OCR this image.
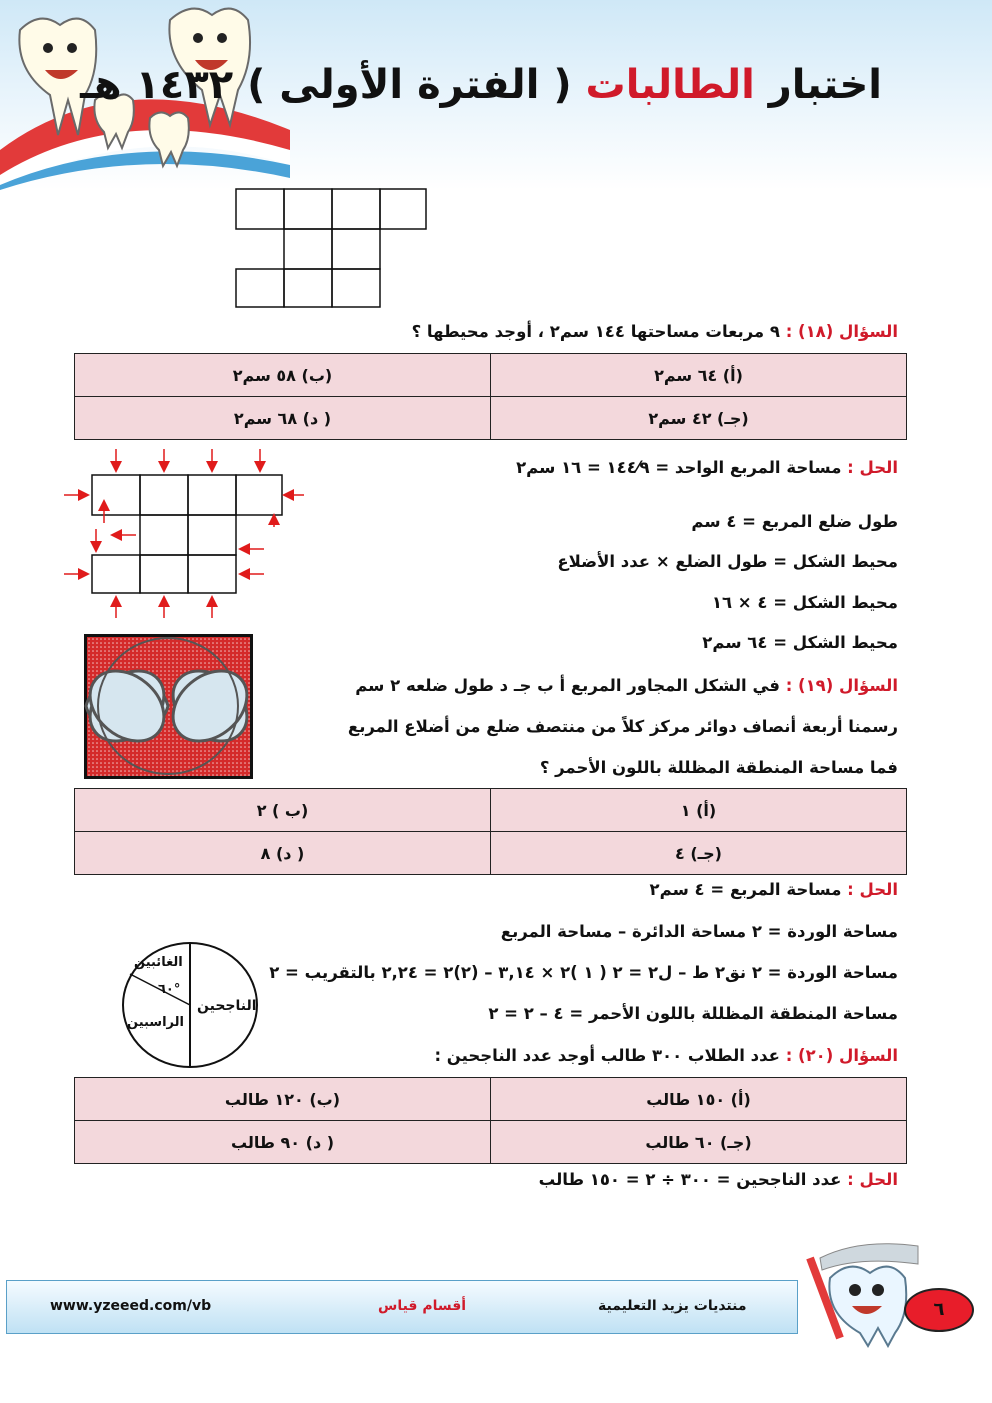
اختبار الطالبات ( الفترة الأولى ) ١٤٣٢ هـ
السؤال (١٨) : ٩ مربعات مساحتها ١٤٤ سم٢ ، أوجد محيطها ؟
(أ) ٦٤ سم٢	(ب) ٥٨ سم٢
(جـ) ٤٢ سم٢	( د) ٦٨ سم٢
الحل : مساحة المربع الواحد = ١٤٤⁄٩ = ١٦ سم٢
طول ضلع المربع = ٤ سم
محيط الشكل = طول الضلع × عدد الأضلاع
محيط الشكل = ٤ × ١٦
محيط الشكل = ٦٤ سم٢
السؤال (١٩) : في الشكل المجاور المربع أ ب جـ د طول ضلعه ٢ سم
رسمنا أربعة أنصاف دوائر مركز كلاً من منتصف ضلع من أضلاع المربع
فما مساحة المنطقة المظللة باللون الأحمر ؟
(أ) ١	(ب ) ٢
(جـ) ٤	( د) ٨
الحل : مساحة المربع = ٤ سم٢
مساحة الوردة = ٢ مساحة الدائرة – مساحة المربع
مساحة الوردة = ٢ نق٢ ط – ل٢ = ٢ ( ١ )٢ × ٣,١٤ – (٢)٢ = ٢,٢٤ بالتقريب = ٢
مساحة المنطقة المظللة باللون الأحمر = ٤ – ٢ = ٢
الناجحين
الغائبين
الراسبين
٦٠°
السؤال (٢٠) : عدد الطلاب ٣٠٠ طالب أوجد عدد الناجحين :
(أ) ١٥٠ طالب	(ب) ١٢٠ طالب
(جـ) ٦٠ طالب	( د) ٩٠ طالب
الحل : عدد الناجحين = ٣٠٠ ÷ ٢ = ١٥٠ طالب
www.yzeeed.com/vb	أقسام قياس	منتديات يزيد التعليمية	٦
